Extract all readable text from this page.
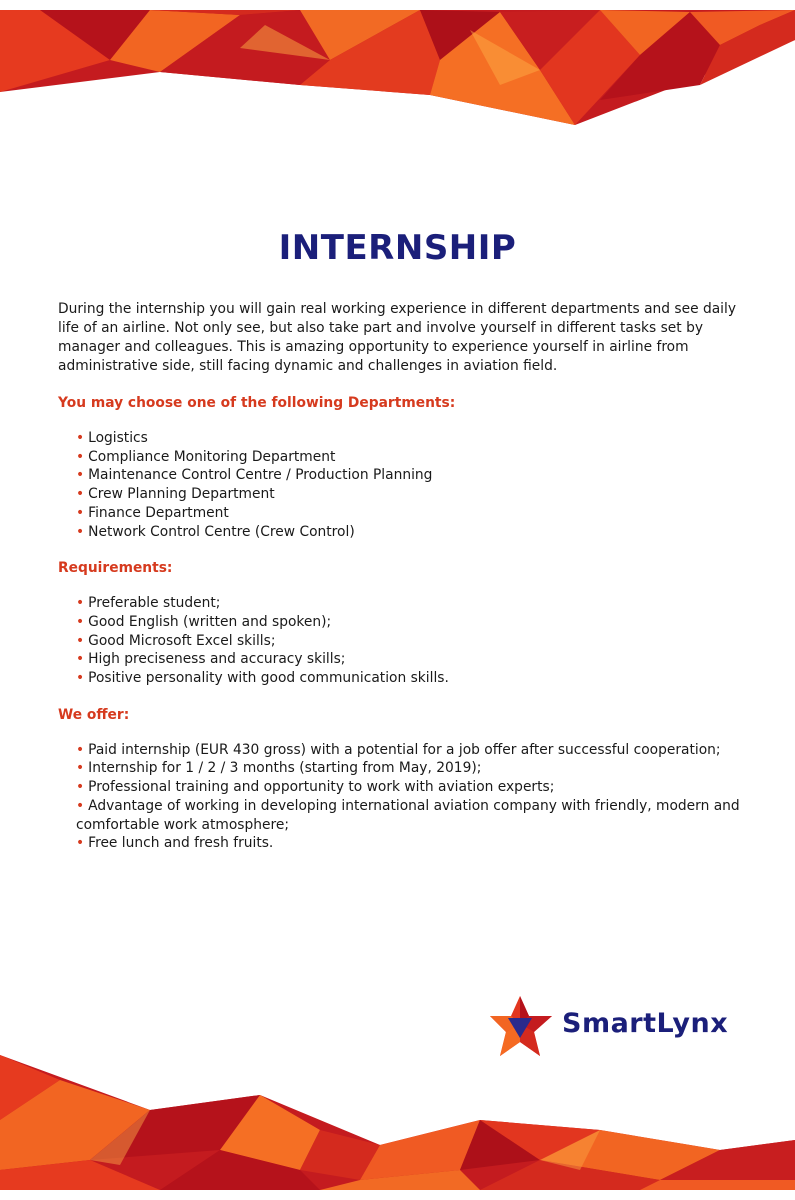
INTERNSHIP

During the internship you will gain real working experience in different departments and see daily life of an airline. Not only see, but also take part and involve yourself in different tasks set by manager and colleagues. This is amazing opportunity to experience yourself in airline from administrative side, still facing dynamic and challenges in aviation field.

You may choose one of the following Departments:
• Logistics
• Compliance Monitoring Department
• Maintenance Control Centre / Production Planning
• Crew Planning Department
• Finance Department
• Network Control Centre (Crew Control)
Requirements:
• Preferable student;
• Good English (written and spoken);
• Good Microsoft Excel skills;
• High preciseness and accuracy skills;
• Positive personality with good communication skills.
We offer:
• Paid internship (EUR 430 gross) with a potential for a job offer after successful cooperation;
• Internship for 1 / 2 / 3 months (starting from May, 2019);
• Professional training and opportunity to work with aviation experts;
• Advantage of working in developing international aviation company with friendly, modern and comfortable work atmosphere;
• Free lunch and fresh fruits.
SmartLynx
